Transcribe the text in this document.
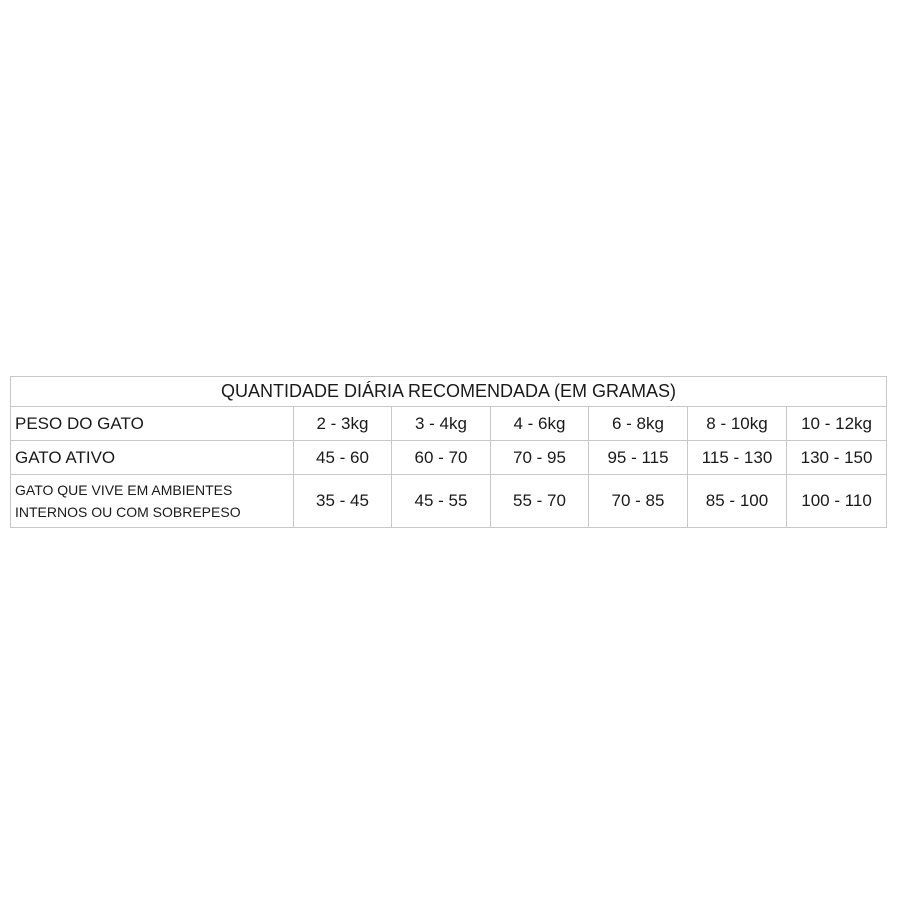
QUANTIDADE DIÁRIA RECOMENDADA (EM GRAMAS)						
PESO DO GATO	2 - 3kg	3 - 4kg	4 - 6kg	6 - 8kg	8 - 10kg	10 - 12kg
GATO ATIVO	45 - 60	60 - 70	70 - 95	95 - 115	115 - 130	130 - 150

GATO QUE VIVE EM AMBIENTES
INTERNOS OU COM SOBREPESO	35 - 45	45 - 55	55 - 70	70 - 85	85 - 100	100 - 110
